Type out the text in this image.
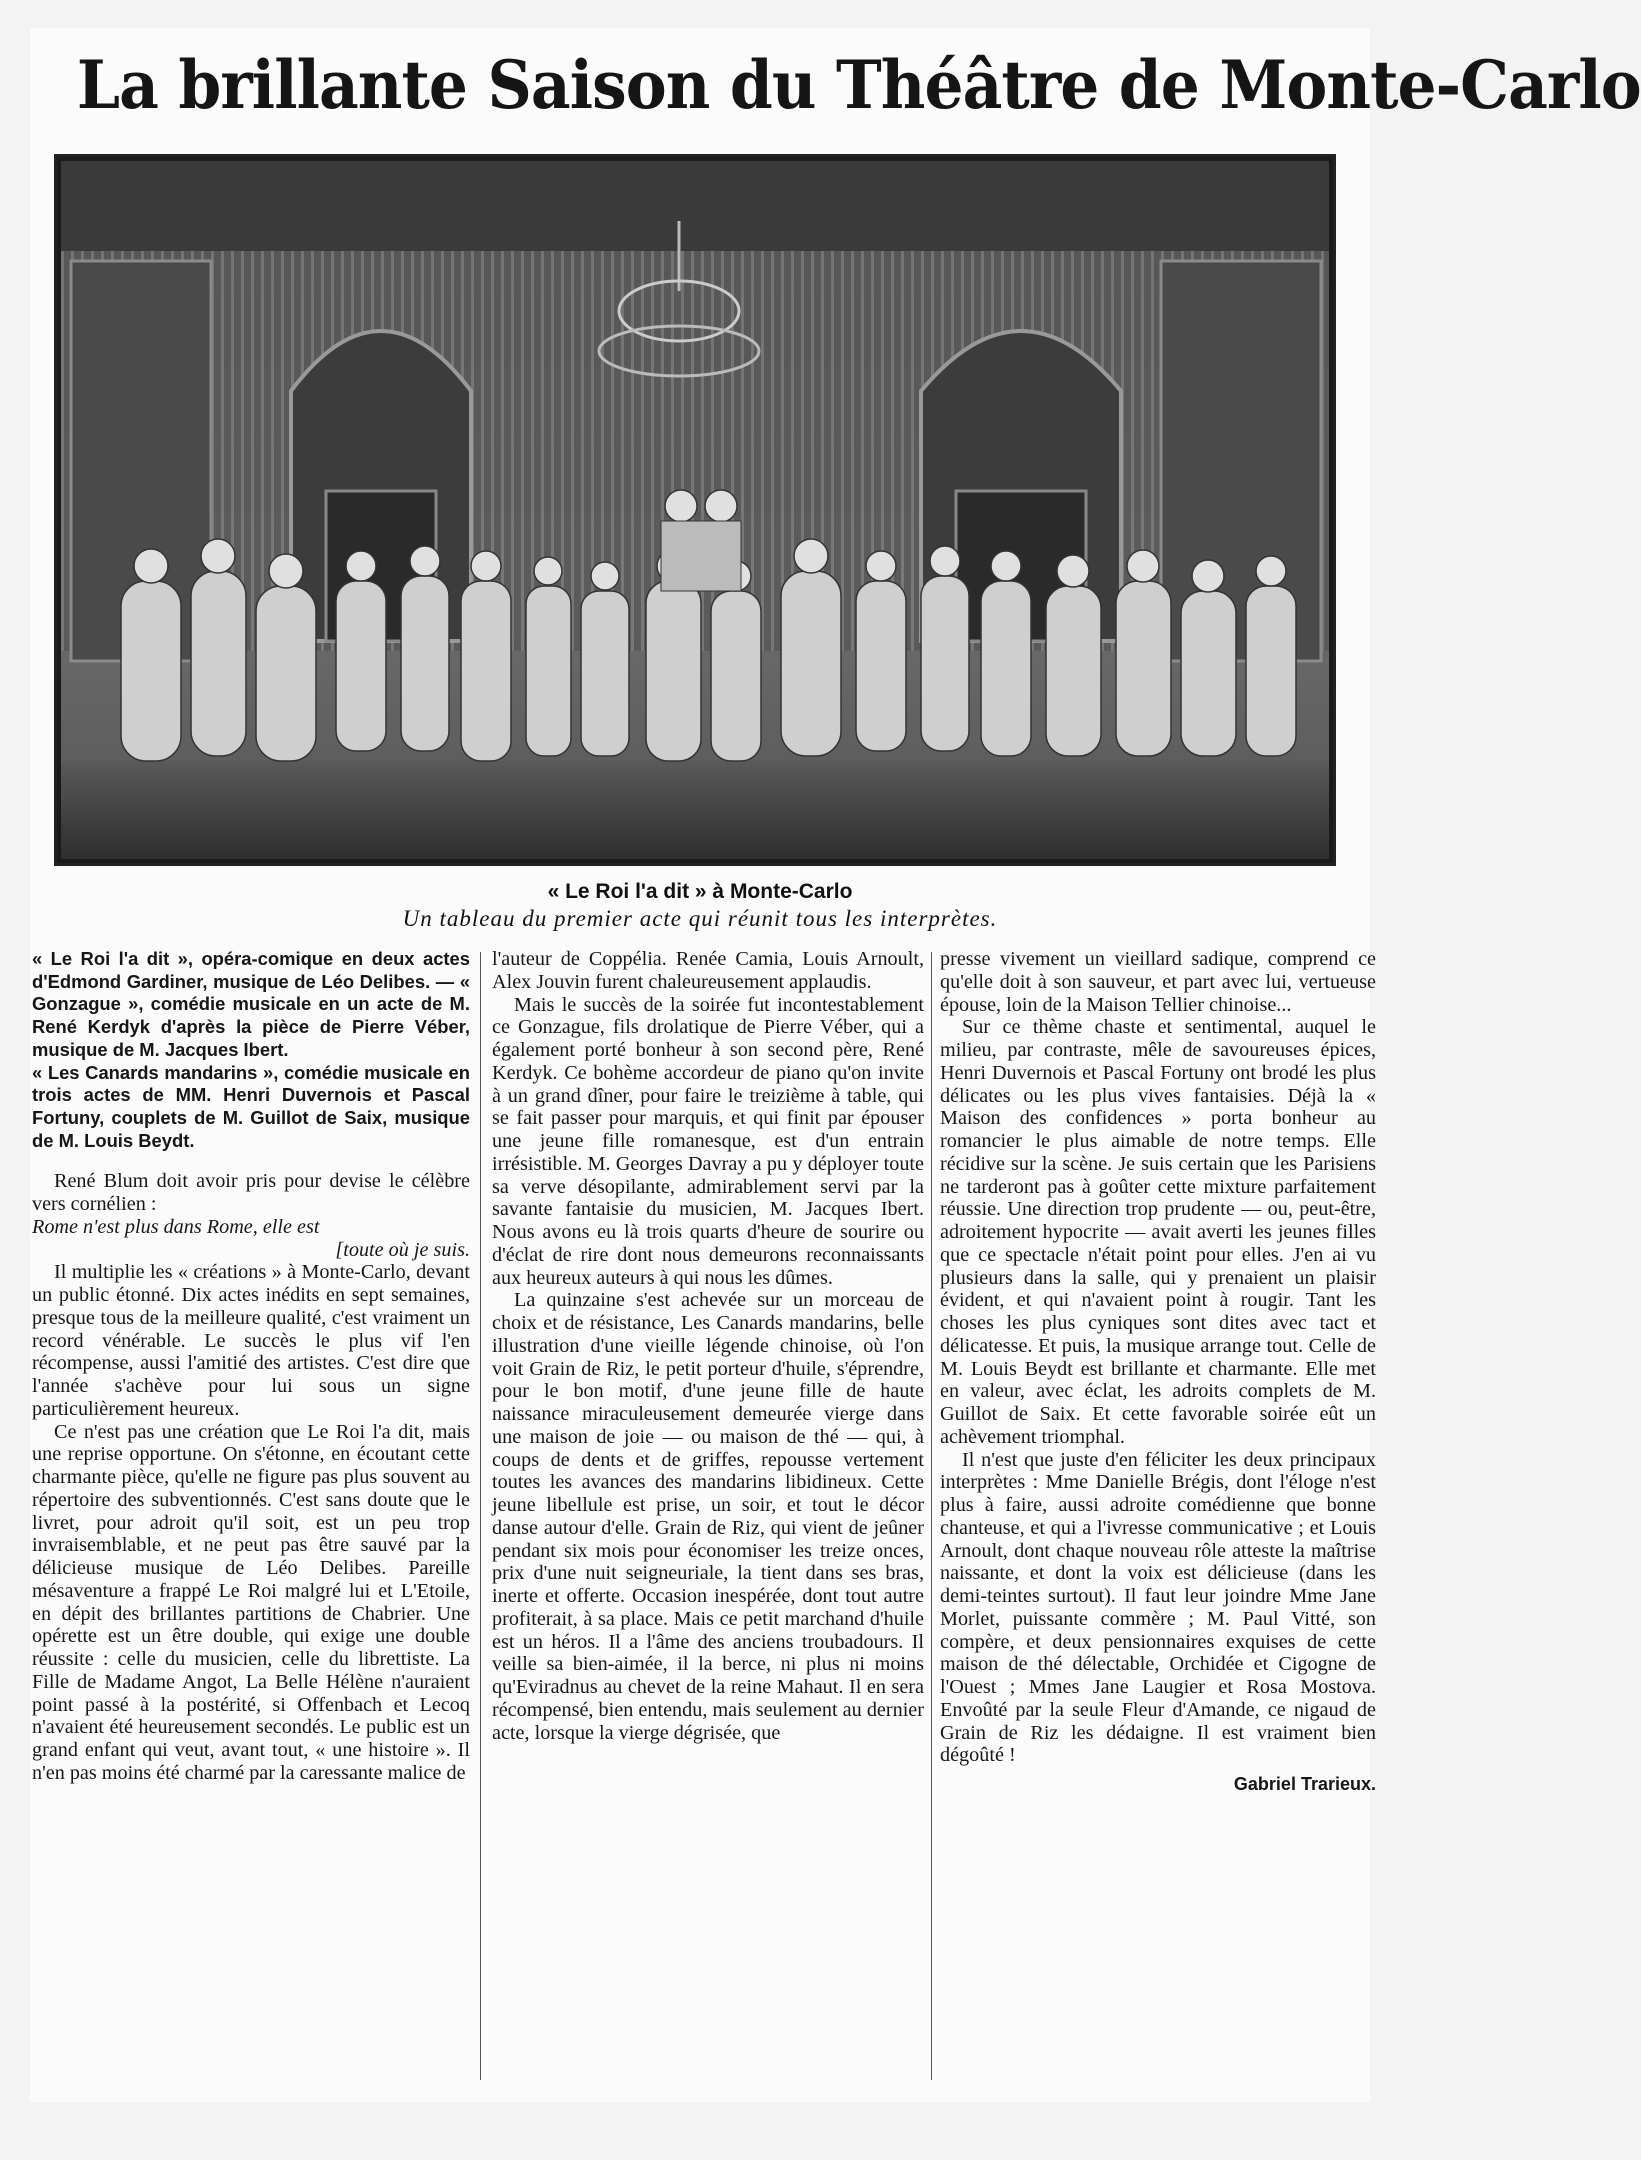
La brillante Saison du Théâtre de Monte-Carlo
« Le Roi l'a dit » à Monte-Carlo
Un tableau du premier acte qui réunit tous les interprètes.

« Le Roi l'a dit », opéra-comique en deux actes d'Edmond Gardiner, musique de Léo Delibes. — « Gonzague », comédie musicale en un acte de M. René Kerdyk d'après la pièce de Pierre Véber, musique de M. Jacques Ibert.

« Les Canards mandarins », comédie musicale en trois actes de MM. Henri Duvernois et Pascal Fortuny, couplets de M. Guillot de Saix, musique de M. Louis Beydt.

René Blum doit avoir pris pour devise le célèbre vers cornélien :

Rome n'est plus dans Rome, elle est

[toute où je suis.

Il multiplie les « créations » à Monte-Carlo, devant un public étonné. Dix actes inédits en sept semaines, presque tous de la meilleure qualité, c'est vraiment un record vénérable. Le succès le plus vif l'en récompense, aussi l'amitié des artistes. C'est dire que l'année s'achève pour lui sous un signe particulièrement heureux.

Ce n'est pas une création que Le Roi l'a dit, mais une reprise opportune. On s'étonne, en écoutant cette charmante pièce, qu'elle ne figure pas plus souvent au répertoire des subventionnés. C'est sans doute que le livret, pour adroit qu'il soit, est un peu trop invraisemblable, et ne peut pas être sauvé par la délicieuse musique de Léo Delibes. Pareille mésaventure a frappé Le Roi malgré lui et L'Etoile, en dépit des brillantes partitions de Chabrier. Une opérette est un être double, qui exige une double réussite : celle du musicien, celle du librettiste. La Fille de Madame Angot, La Belle Hélène n'auraient point passé à la postérité, si Offenbach et Lecoq n'avaient été heureusement secondés. Le public est un grand enfant qui veut, avant tout, « une histoire ». Il n'en pas moins été charmé par la caressante malice de

l'auteur de Coppélia. Renée Camia, Louis Arnoult, Alex Jouvin furent chaleureusement applaudis.

Mais le succès de la soirée fut incontestablement ce Gonzague, fils drolatique de Pierre Véber, qui a également porté bonheur à son second père, René Kerdyk. Ce bohème accordeur de piano qu'on invite à un grand dîner, pour faire le treizième à table, qui se fait passer pour marquis, et qui finit par épouser une jeune fille romanesque, est d'un entrain irrésistible. M. Georges Davray a pu y déployer toute sa verve désopilante, admirablement servi par la savante fantaisie du musicien, M. Jacques Ibert. Nous avons eu là trois quarts d'heure de sourire ou d'éclat de rire dont nous demeurons reconnaissants aux heureux auteurs à qui nous les dûmes.

La quinzaine s'est achevée sur un morceau de choix et de résistance, Les Canards mandarins, belle illustration d'une vieille légende chinoise, où l'on voit Grain de Riz, le petit porteur d'huile, s'éprendre, pour le bon motif, d'une jeune fille de haute naissance miraculeusement demeurée vierge dans une maison de joie — ou maison de thé — qui, à coups de dents et de griffes, repousse vertement toutes les avances des mandarins libidineux. Cette jeune libellule est prise, un soir, et tout le décor danse autour d'elle. Grain de Riz, qui vient de jeûner pendant six mois pour économiser les treize onces, prix d'une nuit seigneuriale, la tient dans ses bras, inerte et offerte. Occasion inespérée, dont tout autre profiterait, à sa place. Mais ce petit marchand d'huile est un héros. Il a l'âme des anciens troubadours. Il veille sa bien-aimée, il la berce, ni plus ni moins qu'Eviradnus au chevet de la reine Mahaut. Il en sera récompensé, bien entendu, mais seulement au dernier acte, lorsque la vierge dégrisée, que

presse vivement un vieillard sadique, comprend ce qu'elle doit à son sauveur, et part avec lui, vertueuse épouse, loin de la Maison Tellier chinoise...

Sur ce thème chaste et sentimental, auquel le milieu, par contraste, mêle de savoureuses épices, Henri Duvernois et Pascal Fortuny ont brodé les plus délicates ou les plus vives fantaisies. Déjà la « Maison des confidences » porta bonheur au romancier le plus aimable de notre temps. Elle récidive sur la scène. Je suis certain que les Parisiens ne tarderont pas à goûter cette mixture parfaitement réussie. Une direction trop prudente — ou, peut-être, adroitement hypocrite — avait averti les jeunes filles que ce spectacle n'était point pour elles. J'en ai vu plusieurs dans la salle, qui y prenaient un plaisir évident, et qui n'avaient point à rougir. Tant les choses les plus cyniques sont dites avec tact et délicatesse. Et puis, la musique arrange tout. Celle de M. Louis Beydt est brillante et charmante. Elle met en valeur, avec éclat, les adroits complets de M. Guillot de Saix. Et cette favorable soirée eût un achèvement triomphal.

Il n'est que juste d'en féliciter les deux principaux interprètes : Mme Danielle Brégis, dont l'éloge n'est plus à faire, aussi adroite comédienne que bonne chanteuse, et qui a l'ivresse communicative ; et Louis Arnoult, dont chaque nouveau rôle atteste la maîtrise naissante, et dont la voix est délicieuse (dans les demi-teintes surtout). Il faut leur joindre Mme Jane Morlet, puissante commère ; M. Paul Vitté, son compère, et deux pensionnaires exquises de cette maison de thé délectable, Orchidée et Cigogne de l'Ouest ; Mmes Jane Laugier et Rosa Mostova. Envoûté par la seule Fleur d'Amande, ce nigaud de Grain de Riz les dédaigne. Il est vraiment bien dégoûté !

Gabriel Trarieux.
